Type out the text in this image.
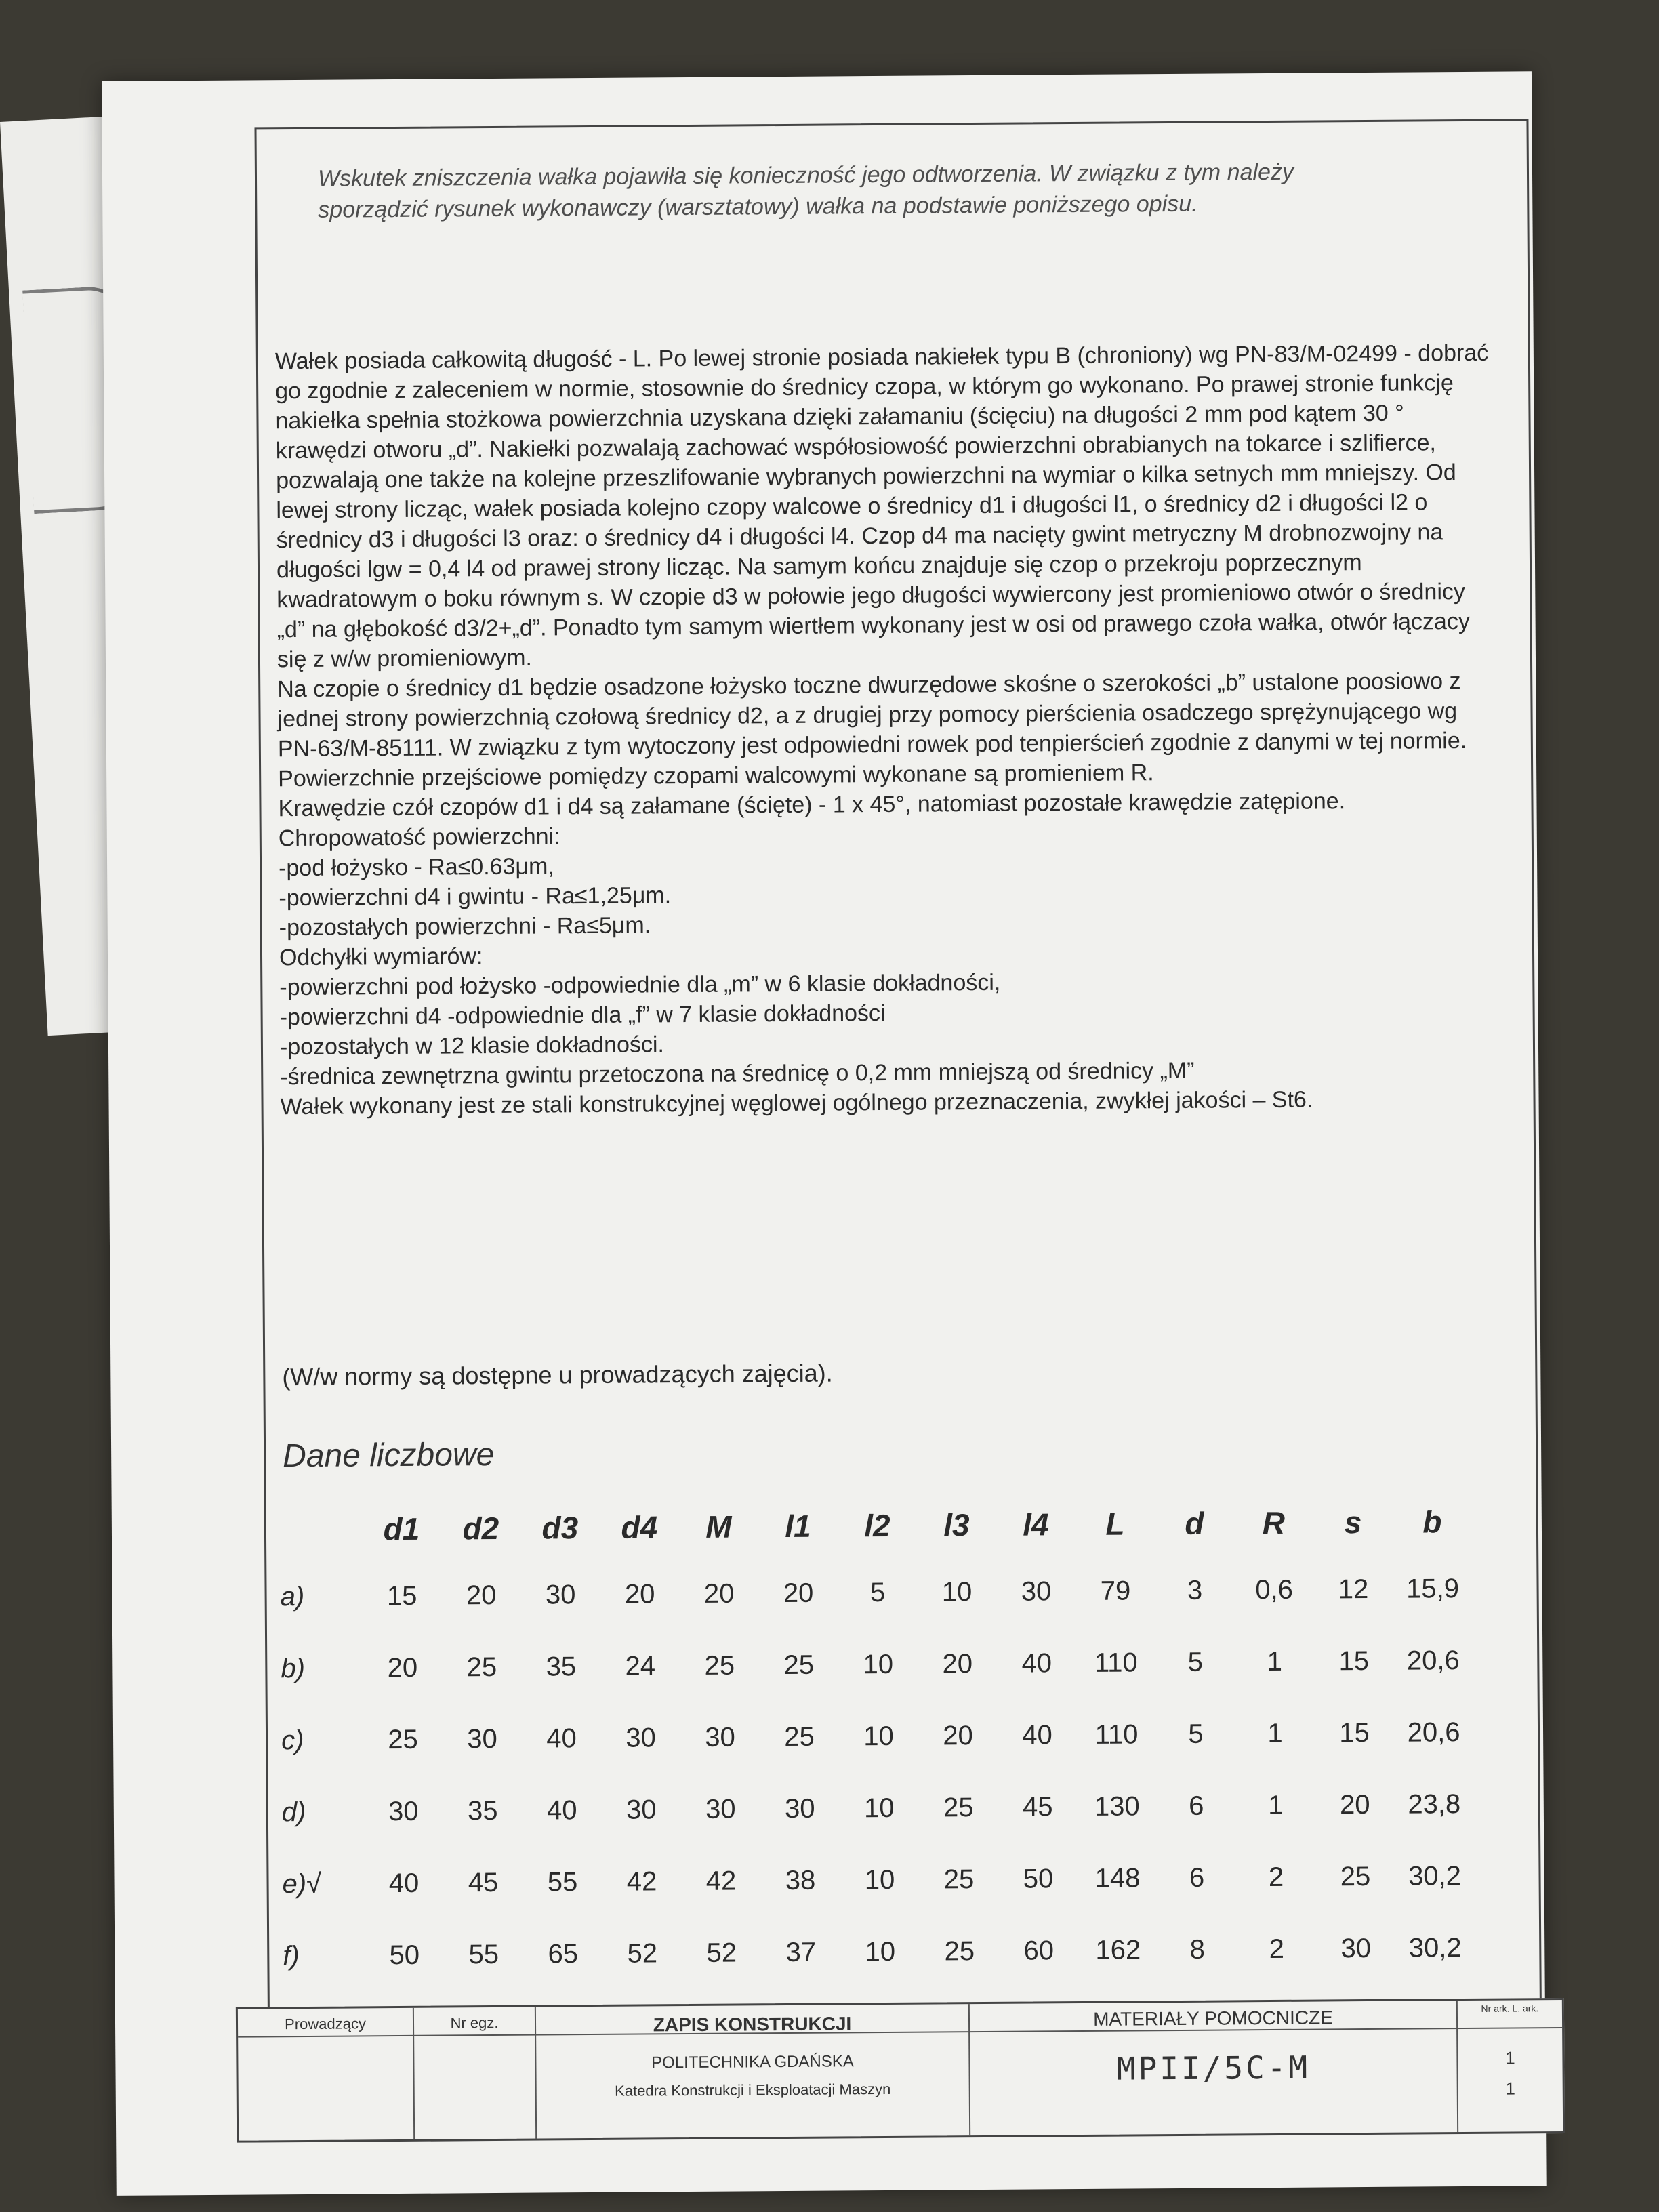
Wskutek zniszczenia wałka pojawiła się konieczność jego odtworzenia. W związku z tym należy sporządzić rysunek wykonawczy (warsztatowy) wałka na podstawie poniższego opisu.

Wałek posiada całkowitą długość - L. Po lewej stronie posiada nakiełek typu B (chroniony) wg PN-83/M-02499 - dobrać go zgodnie z zaleceniem w normie, stosownie do średnicy czopa, w którym go wykonano. Po prawej stronie funkcję nakiełka spełnia stożkowa powierzchnia uzyskana dzięki załamaniu (ścięciu) na długości 2 mm pod kątem 30 ° krawędzi otworu „d”. Nakiełki pozwalają zachować współosiowość powierzchni obrabianych na tokarce i szlifierce, pozwalają one także na kolejne przeszlifowanie wybranych powierzchni na wymiar o kilka setnych mm mniejszy. Od lewej strony licząc, wałek posiada kolejno czopy walcowe o średnicy d1 i długości l1, o średnicy d2 i długości l2 o średnicy d3 i długości l3 oraz: o średnicy d4 i długości l4. Czop d4 ma nacięty gwint metryczny M drobnozwojny na długości lgw = 0,4 l4 od prawej strony licząc. Na samym końcu znajduje się czop o przekroju poprzecznym kwadratowym o boku równym s. W czopie d3 w połowie jego długości wywiercony jest promieniowo otwór o średnicy „d” na głębokość d3/2+„d”. Ponadto tym samym wiertłem wykonany jest w osi od prawego czoła wałka, otwór łączacy się z w/w promieniowym.

Na czopie o średnicy d1 będzie osadzone łożysko toczne dwurzędowe skośne o szerokości „b” ustalone poosiowo z jednej strony powierzchnią czołową średnicy d2, a z drugiej przy pomocy pierścienia osadczego sprężynującego wg PN-63/M-85111. W związku z tym wytoczony jest odpowiedni rowek pod tenpierścień zgodnie z danymi w tej normie.

Powierzchnie przejściowe pomiędzy czopami walcowymi wykonane są promieniem R.

Krawędzie czół czopów d1 i d4 są załamane (ścięte) - 1 x 45°, natomiast pozostałe krawędzie zatępione.

Chropowatość powierzchni:

-pod łożysko - Ra≤0.63μm,

-powierzchni d4 i gwintu - Ra≤1,25μm.

-pozostałych powierzchni - Ra≤5μm.

Odchyłki wymiarów:

-powierzchni pod łożysko -odpowiednie dla „m” w 6 klasie dokładności,

-powierzchni d4 -odpowiednie dla „f” w 7 klasie dokładności

-pozostałych w 12 klasie dokładności.

-średnica zewnętrzna gwintu przetoczona na średnicę o 0,2 mm mniejszą od średnicy „M”

Wałek wykonany jest ze stali konstrukcyjnej węglowej ogólnego przeznaczenia, zwykłej jakości – St6.

(W/w normy są dostępne u prowadzących zajęcia).
Dane liczbowe
	d1	d2	d3	d4	M	l1	l2	l3	l4	L	d	R	s	b
a)	15	20	30	20	20	20	5	10	30	79	3	0,6	12	15,9
b)	20	25	35	24	25	25	10	20	40	110	5	1	15	20,6
c)	25	30	40	30	30	25	10	20	40	110	5	1	15	20,6
d)	30	35	40	30	30	30	10	25	45	130	6	1	20	23,8
e)√	40	45	55	42	42	38	10	25	50	148	6	2	25	30,2
f)	50	55	65	52	52	37	10	25	60	162	8	2	30	30,2
Prowadzący	Nr egz.	ZAPIS KONSTRUKCJI
POLITECHNIKA GDAŃSKA
Katedra Konstrukcji i Eksploatacji Maszyn
MATERIAŁY POMOCNICZE
MPII/5C-M
Nr ark. L. ark.
1
1
